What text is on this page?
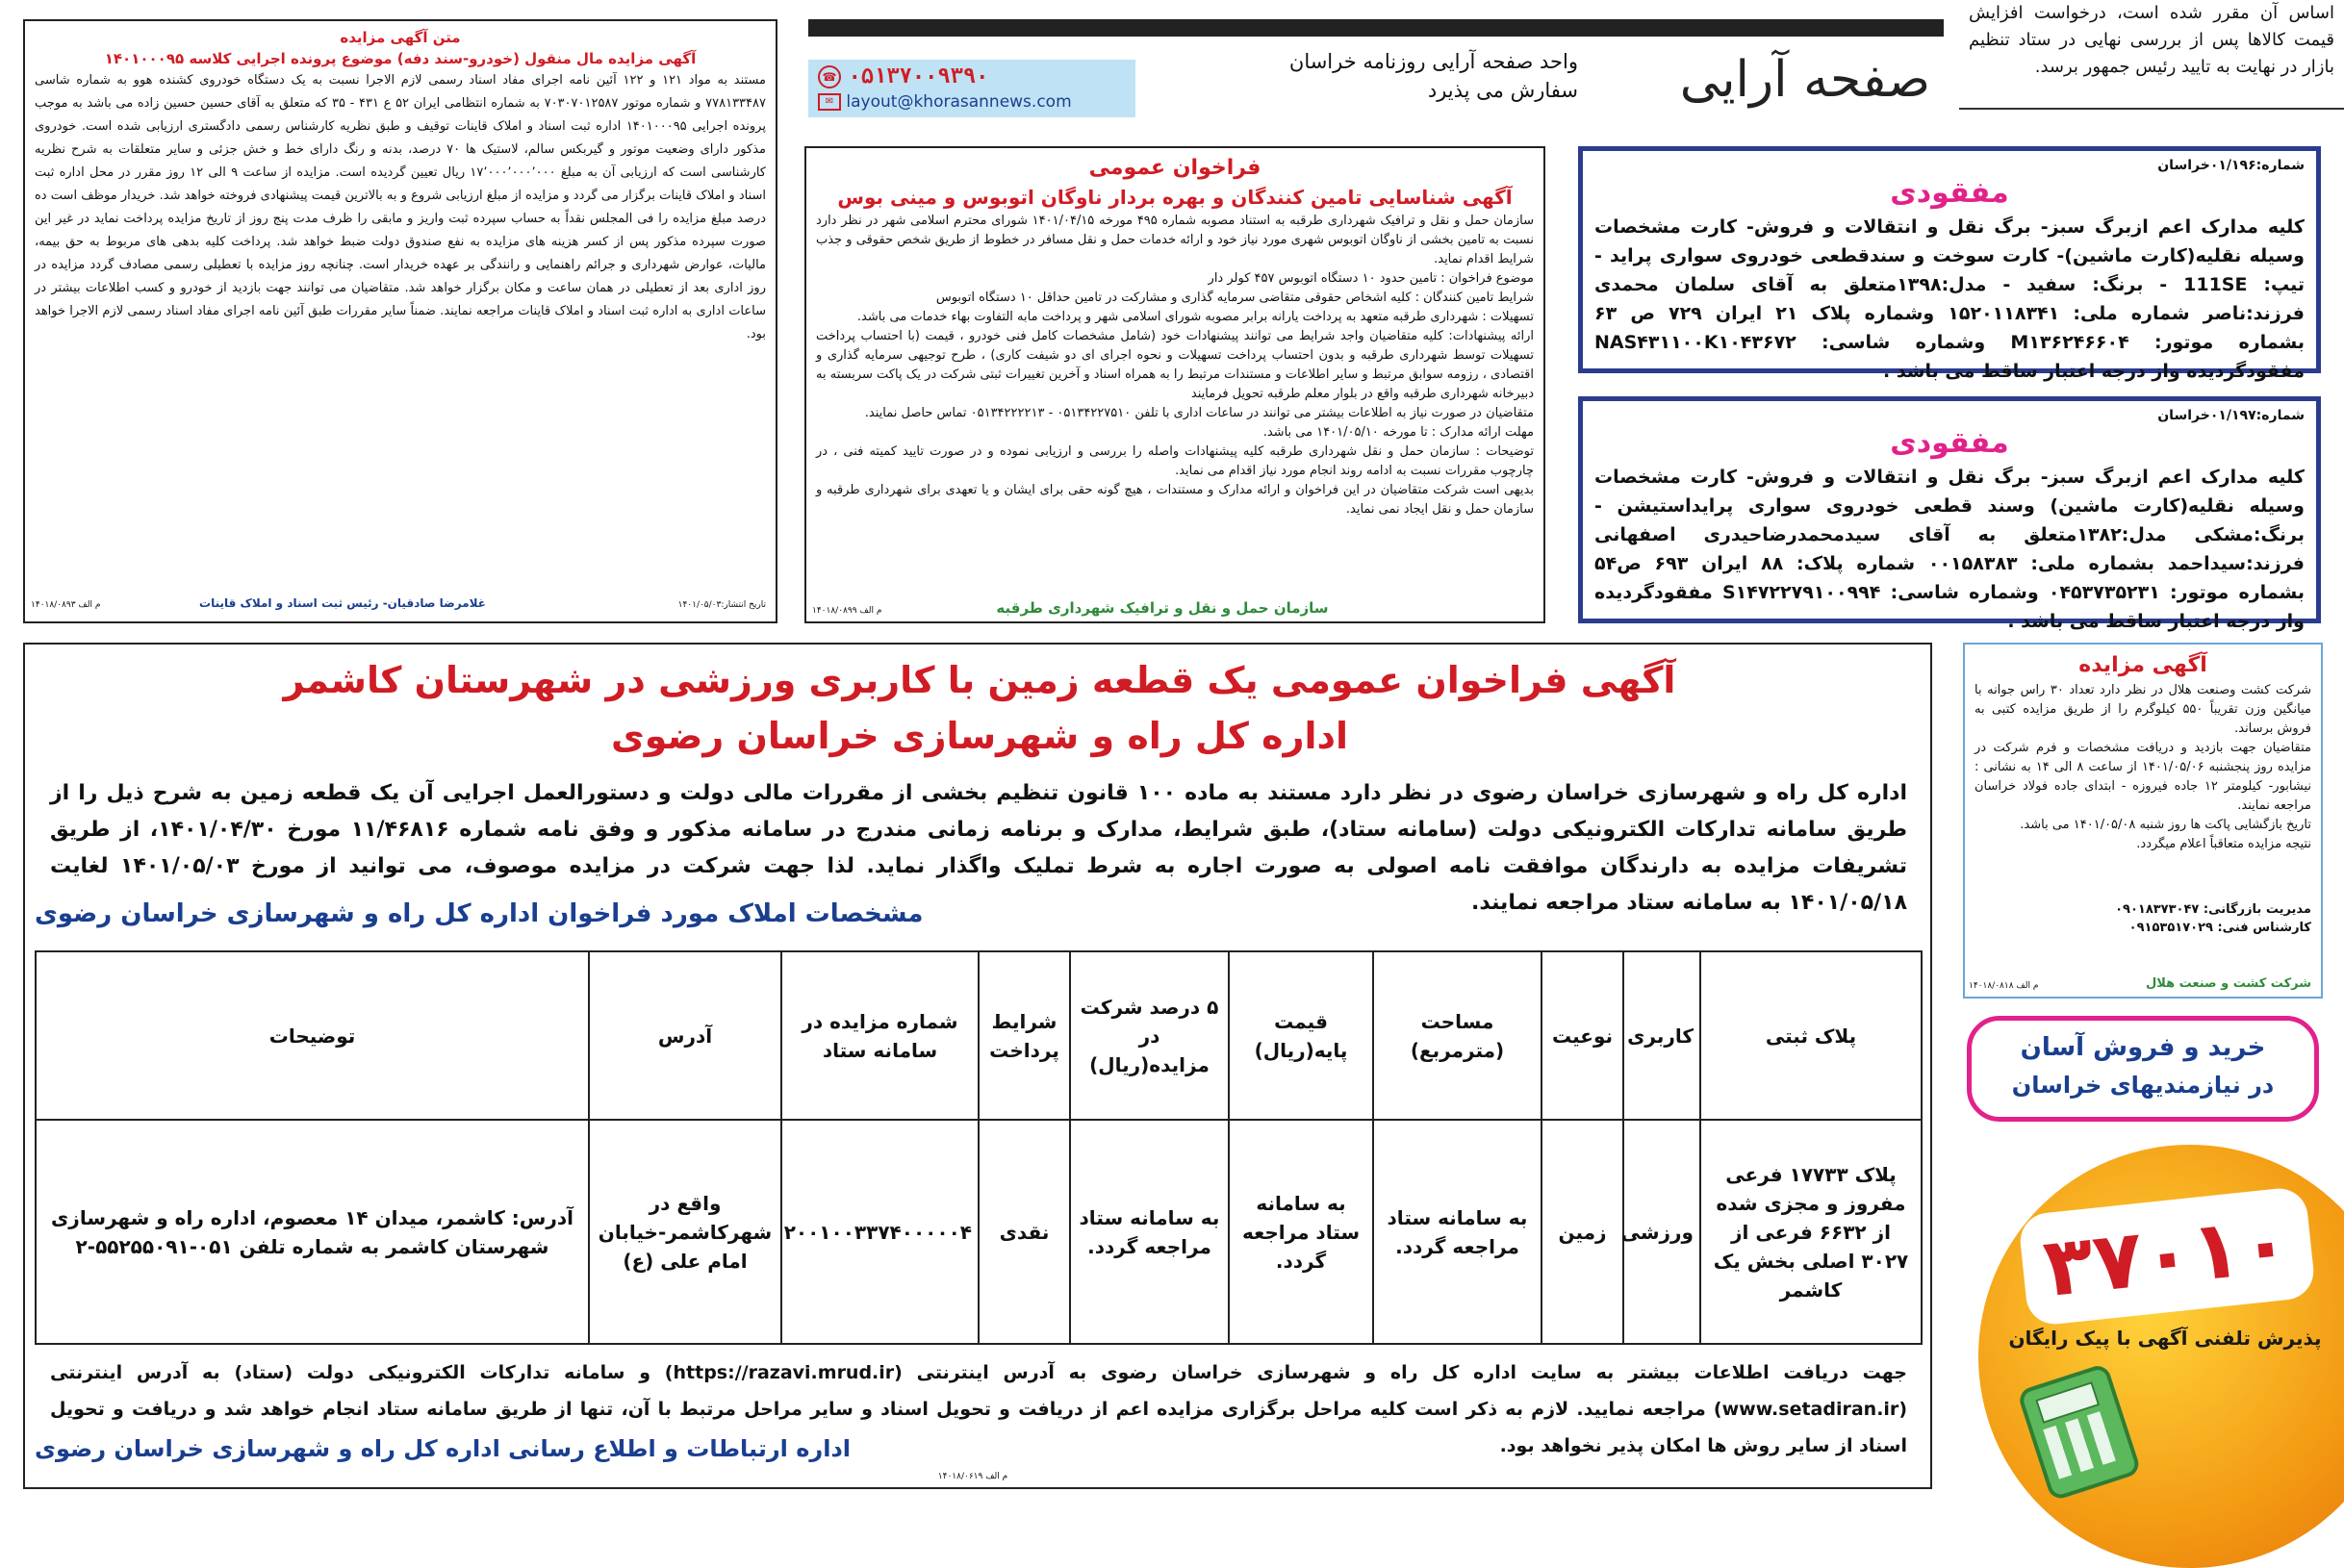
اساس آن مقرر شده است، درخواست افزایش قیمت کالاها پس از بررسی نهایی در ستاد تنظیم بازار در نهایت به تایید رئیس جمهور برسد.
صفحه آرایی
واحد صفحه آرایی روزنامه خراسان
سفارش می پذیرد
☎ ۰۵۱۳۷۰۰۹۳۹۰
✉ layout@khorasannews.com
شماره:۰۱/۱۹۶خراسان
مفقودی
کلیه مدارک اعم ازبرگ سبز- برگ نقل و انتقالات و فروش- کارت مشخصات وسیله نقلیه(کارت ماشین)- کارت سوخت و سندقطعی خودروی سواری پراید - تیپ: 111SE - برنگ: سفید - مدل:۱۳۹۸متعلق به آقای سلمان محمدی فرزند:ناصر شماره ملی: ۱۵۲۰۱۱۸۳۴۱ وشماره پلاک ۲۱ ایران ۷۲۹ ص ۶۳ بشماره موتور: M۱۳۶۲۴۶۶۰۴ وشماره شاسی: NAS۴۳۱۱۰۰K۱۰۴۳۶۷۲ مفقودگردیده واز درجه اعتبار ساقط می باشد .
شماره:۰۱/۱۹۷خراسان
مفقودی
کلیه مدارک اعم ازبرگ سبز- برگ نقل و انتقالات و فروش- کارت مشخصات وسیله نقلیه(کارت ماشین) وسند قطعی خودروی سواری پرایداستیشن - برنگ:مشکی مدل:۱۳۸۲متعلق به آقای سیدمحمدرضاحیدری اصفهانی فرزند:سیداحمد بشماره ملی: ۰۰۱۵۸۳۸۳ شماره پلاک: ۸۸ ایران ۶۹۳ ص۵۴ بشماره موتور: ۰۴۵۳۷۳۵۲۳۱ وشماره شاسی: S۱۴۷۲۲۷۹۱۰۰۹۹۴ مفقودگردیده واز درجه اعتبار ساقط می باشد .
فراخوان عمومی
آگهی شناسایی تامین کنندگان و بهره بردار ناوگان اتوبوس و مینی بوس
سازمان حمل و نقل و ترافیک شهرداری طرقبه به استناد مصوبه شماره ۴۹۵ مورخه ۱۴۰۱/۰۴/۱۵ شورای محترم اسلامی شهر در نظر دارد نسبت به تامین بخشی از ناوگان اتوبوس شهری مورد نیاز خود و ارائه خدمات حمل و نقل مسافر در خطوط از طریق شخص حقوقی و جذب شرایط اقدام نماید.
موضوع فراخوان : تامین حدود ۱۰ دستگاه اتوبوس ۴۵۷ کولر دار
شرایط تامین کنندگان : کلیه اشخاص حقوقی متقاضی سرمایه گذاری و مشارکت در تامین حداقل ۱۰ دستگاه اتوبوس
تسهیلات : شهرداری طرقبه متعهد به پرداخت یارانه برابر مصوبه شورای اسلامی شهر و پرداخت مابه التفاوت بهاء خدمات می باشد.
ارائه پیشنهادات: کلیه متقاضیان واجد شرایط می توانند پیشنهادات خود (شامل مشخصات کامل فنی خودرو ، قیمت (با احتساب پرداخت تسهیلات توسط شهرداری طرقبه و بدون احتساب پرداخت تسهیلات و نحوه اجرای ای دو شیفت کاری) ، طرح توجیهی سرمایه گذاری و اقتصادی ، رزومه سوابق مرتبط و سایر اطلاعات و مستندات مرتبط را به همراه اسناد و آخرین تغییرات ثبتی شرکت در یک پاکت سربسته به دبیرخانه شهرداری طرقبه واقع در بلوار معلم طرقبه تحویل فرمایند
متقاضیان در صورت نیاز به اطلاعات بیشتر می توانند در ساعات اداری با تلفن ۰۵۱۳۴۲۲۷۵۱۰ - ۰۵۱۳۴۲۲۲۲۱۳ تماس حاصل نمایند.
مهلت ارائه مدارک : تا مورخه ۱۴۰۱/۰۵/۱۰ می باشد.
توضیحات : سازمان حمل و نقل شهرداری طرقبه کلیه پیشنهادات واصله را بررسی و ارزیابی نموده و در صورت تایید کمیته فنی ، در چارچوب مقررات نسبت به ادامه روند انجام مورد نیاز اقدام می نماید.
بدیهی است شرکت متقاضیان در این فراخوان و ارائه مدارک و مستندات ، هیچ گونه حقی برای ایشان و یا تعهدی برای شهرداری طرقبه و سازمان حمل و نقل ایجاد نمی نماید.
سازمان حمل و نقل و ترافیک شهرداری طرقبه
م الف ۱۴۰۱۸/۰۸۹۹
متن آگهی مزایده
آگهی مزایده مال منقول (خودرو-سند دفه) موضوع پرونده اجرایی کلاسه ۱۴۰۱۰۰۰۹۵
مستند به مواد ۱۲۱ و ۱۲۲ آئین نامه اجرای مفاد اسناد رسمی لازم الاجرا نسبت به یک دستگاه خودروی کشنده هوو به شماره شاسی ۷۷۸۱۳۳۴۸۷ و شماره موتور ۷۰۳۰۷۰۱۲۵۸۷ به شماره انتظامی ایران ۵۲ ع ۴۳۱ - ۳۵ که متعلق به آقای حسین حسین زاده می باشد به موجب پرونده اجرایی ۱۴۰۱۰۰۰۹۵ اداره ثبت اسناد و املاک قاینات توقیف و طبق نظریه کارشناس رسمی دادگستری ارزیابی شده است. خودروی مذکور دارای وضعیت موتور و گیربکس سالم، لاستیک ها ۷۰ درصد، بدنه و رنگ دارای خط و خش جزئی و سایر متعلقات به شرح نظریه کارشناسی است که ارزیابی آن به مبلغ ۱۷٬۰۰۰٬۰۰۰٬۰۰۰ ریال تعیین گردیده است. مزایده از ساعت ۹ الی ۱۲ روز مقرر در محل اداره ثبت اسناد و املاک قاینات برگزار می گردد و مزایده از مبلغ ارزیابی شروع و به بالاترین قیمت پیشنهادی فروخته خواهد شد. خریدار موظف است ده درصد مبلغ مزایده را فی المجلس نقداً به حساب سپرده ثبت واریز و مابقی را ظرف مدت پنج روز از تاریخ مزایده پرداخت نماید در غیر این صورت سپرده مذکور پس از کسر هزینه های مزایده به نفع صندوق دولت ضبط خواهد شد. پرداخت کلیه بدهی های مربوط به حق بیمه، مالیات، عوارض شهرداری و جرائم راهنمایی و رانندگی بر عهده خریدار است. چنانچه روز مزایده با تعطیلی رسمی مصادف گردد مزایده در روز اداری بعد از تعطیلی در همان ساعت و مکان برگزار خواهد شد. متقاضیان می توانند جهت بازدید از خودرو و کسب اطلاعات بیشتر در ساعات اداری به اداره ثبت اسناد و املاک قاینات مراجعه نمایند. ضمناً سایر مقررات طبق آئین نامه اجرای مفاد اسناد رسمی لازم الاجرا خواهد بود.
غلامرضا صادقیان- رئیس ثبت اسناد و املاک قاینات	تاریخ انتشار:۱۴۰۱/۰۵/۰۳
م الف ۱۴۰۱۸/۰۸۹۳
آگهی فراخوان عمومی یک قطعه زمین با کاربری ورزشی در شهرستان کاشمر
اداره کل راه و شهرسازی خراسان رضوی
اداره کل راه و شهرسازی خراسان رضوی در نظر دارد مستند به ماده ۱۰۰ قانون تنظیم بخشی از مقررات مالی دولت و دستورالعمل اجرایی آن یک قطعه زمین به شرح ذیل را از طریق سامانه تدارکات الکترونیکی دولت (سامانه ستاد)، طبق شرایط، مدارک و برنامه زمانی مندرج در سامانه مذکور و وفق نامه شماره ۱۱/۴۶۸۱۶ مورخ ۱۴۰۱/۰۴/۳۰، از طریق تشریفات مزایده به دارندگان موافقت نامه اصولی به صورت اجاره به شرط تملیک واگذار نماید. لذا جهت شرکت در مزایده موصوف، می توانید از مورخ ۱۴۰۱/۰۵/۰۳ لغایت ۱۴۰۱/۰۵/۱۸ به سامانه ستاد مراجعه نمایند.
مشخصات املاک مورد فراخوان اداره کل راه و شهرسازی خراسان رضوی
پلاک ثبتی	کاربری	نوعیت	مساحت (مترمربع)	قیمت پایه(ریال)	۵ درصد شرکت در مزایده(ریال)	شرایط پرداخت	شماره مزایده در سامانه ستاد	آدرس	توضیحات
پلاک ۱۷۷۳۳ فرعی مفروز و مجزی شده از ۶۶۳۲ فرعی از ۳۰۲۷ اصلی بخش یک کاشمر	ورزشی	زمین	به سامانه ستاد مراجعه گردد.	به سامانه ستاد مراجعه گردد.	به سامانه ستاد مراجعه گردد.	نقدی	۲۰۰۱۰۰۳۳۷۴۰۰۰۰۰۴	واقع در شهرکاشمر-خیابان امام علی (ع)	آدرس: کاشمر، میدان ۱۴ معصوم، اداره راه و شهرسازی شهرستان کاشمر به شماره تلفن ۰۵۱-۵۵۲۵۵۰۹۱-۲
جهت دریافت اطلاعات بیشتر به سایت اداره کل راه و شهرسازی خراسان رضوی به آدرس اینترنتی (https://razavi.mrud.ir) و سامانه تدارکات الکترونیکی دولت (ستاد) به آدرس اینترنتی (www.setadiran.ir) مراجعه نمایید. لازم به ذکر است کلیه مراحل برگزاری مزایده اعم از دریافت و تحویل اسناد و سایر مراحل مرتبط با آن، تنها از طریق سامانه ستاد انجام خواهد شد و دریافت و تحویل اسناد از سایر روش ها امکان پذیر نخواهد بود.
اداره ارتباطات و اطلاع رسانی اداره کل راه و شهرسازی خراسان رضوی
م الف ۱۴۰۱۸/۰۶۱۹
آگهی مزایده
شرکت کشت وصنعت هلال در نظر دارد تعداد ۳۰ راس جوانه با میانگین وزن تقریباً ۵۵۰ کیلوگرم را از طریق مزایده کتبی به فروش برساند.
متقاضیان جهت بازدید و دریافت مشخصات و فرم شرکت در مزایده روز پنجشنبه ۱۴۰۱/۰۵/۰۶ از ساعت ۸ الی ۱۴ به نشانی : نیشابور- کیلومتر ۱۲ جاده فیروزه - ابتدای جاده فولاد خراسان مراجعه نمایند.
تاریخ بازگشایی پاکت ها روز شنبه ۱۴۰۱/۰۵/۰۸ می باشد.
نتیجه مزایده متعاقباً اعلام میگردد.
مدیریت بازرگانی: ۰۹۰۱۸۳۷۳۰۴۷
کارشناس فنی: ۰۹۱۵۳۵۱۷۰۲۹
شرکت کشت و صنعت هلال
م الف ۱۴۰۱۸/۰۸۱۸
خرید و فروش آسان
در نیازمندیهای خراسان
۳۷۰۱۰
پذیرش تلفنی آگهی با پیک رایگان
